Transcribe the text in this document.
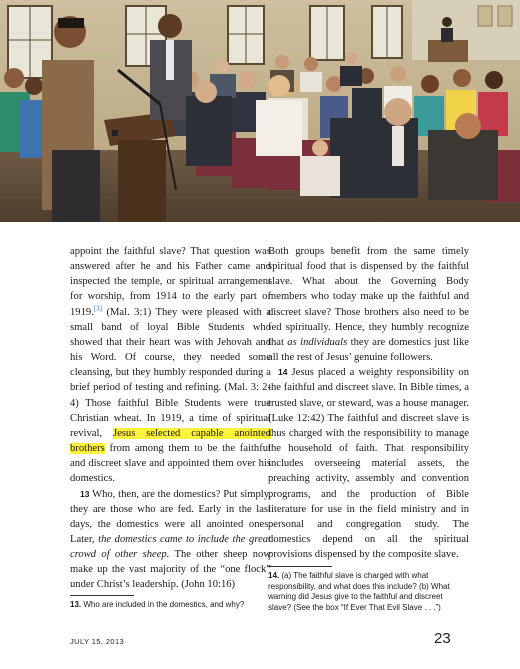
appoint the faithful slave? That question was answered after he and his Father came and inspected the temple, or spiritual arrangement for worship, from 1914 to the early part of 1919.[3] (Mal. 3:1) They were pleased with a small band of loyal Bible Students who showed that their heart was with Jehovah and his Word. Of course, they needed some cleansing, but they humbly responded during a brief period of testing and refining. (Mal. 3: 2-4) Those faithful Bible Students were true Christian wheat. In 1919, a time of spiritual revival, Jesus selected capable anointed brothers from among them to be the faithful and discreet slave and appointed them over his domestics.

13 Who, then, are the domestics? Put simply, they are those who are fed. Early in the last days, the domestics were all anointed ones. Later, the domestics came to include the great crowd of other sheep. The other sheep now make up the vast majority of the “one flock” under Christ’s leadership. (John 10:16)

Both groups benefit from the same timely spiritual food that is dispensed by the faithful slave. What about the Governing Body members who today make up the faithful and discreet slave? Those brothers also need to be fed spiritually. Hence, they humbly recognize that as individuals they are domestics just like all the rest of Jesus’ genuine followers.

14 Jesus placed a weighty responsibility on the faithful and discreet slave. In Bible times, a trusted slave, or steward, was a house manager. (Luke 12:42) The faithful and discreet slave is thus charged with the responsibility to manage the household of faith. That responsibility includes overseeing material assets, the preaching activity, assembly and convention programs, and the production of Bible literature for use in the field ministry and in personal and congregation study. The domestics depend on all the spiritual provisions dispensed by the composite slave.

13. Who are included in the domestics, and why?
14. (a) The faithful slave is charged with what responsibility, and what does this include? (b) What warning did Jesus give to the faithful and discreet slave? (See the box “If Ever That Evil Slave . . .”)
JULY 15, 2013	23
